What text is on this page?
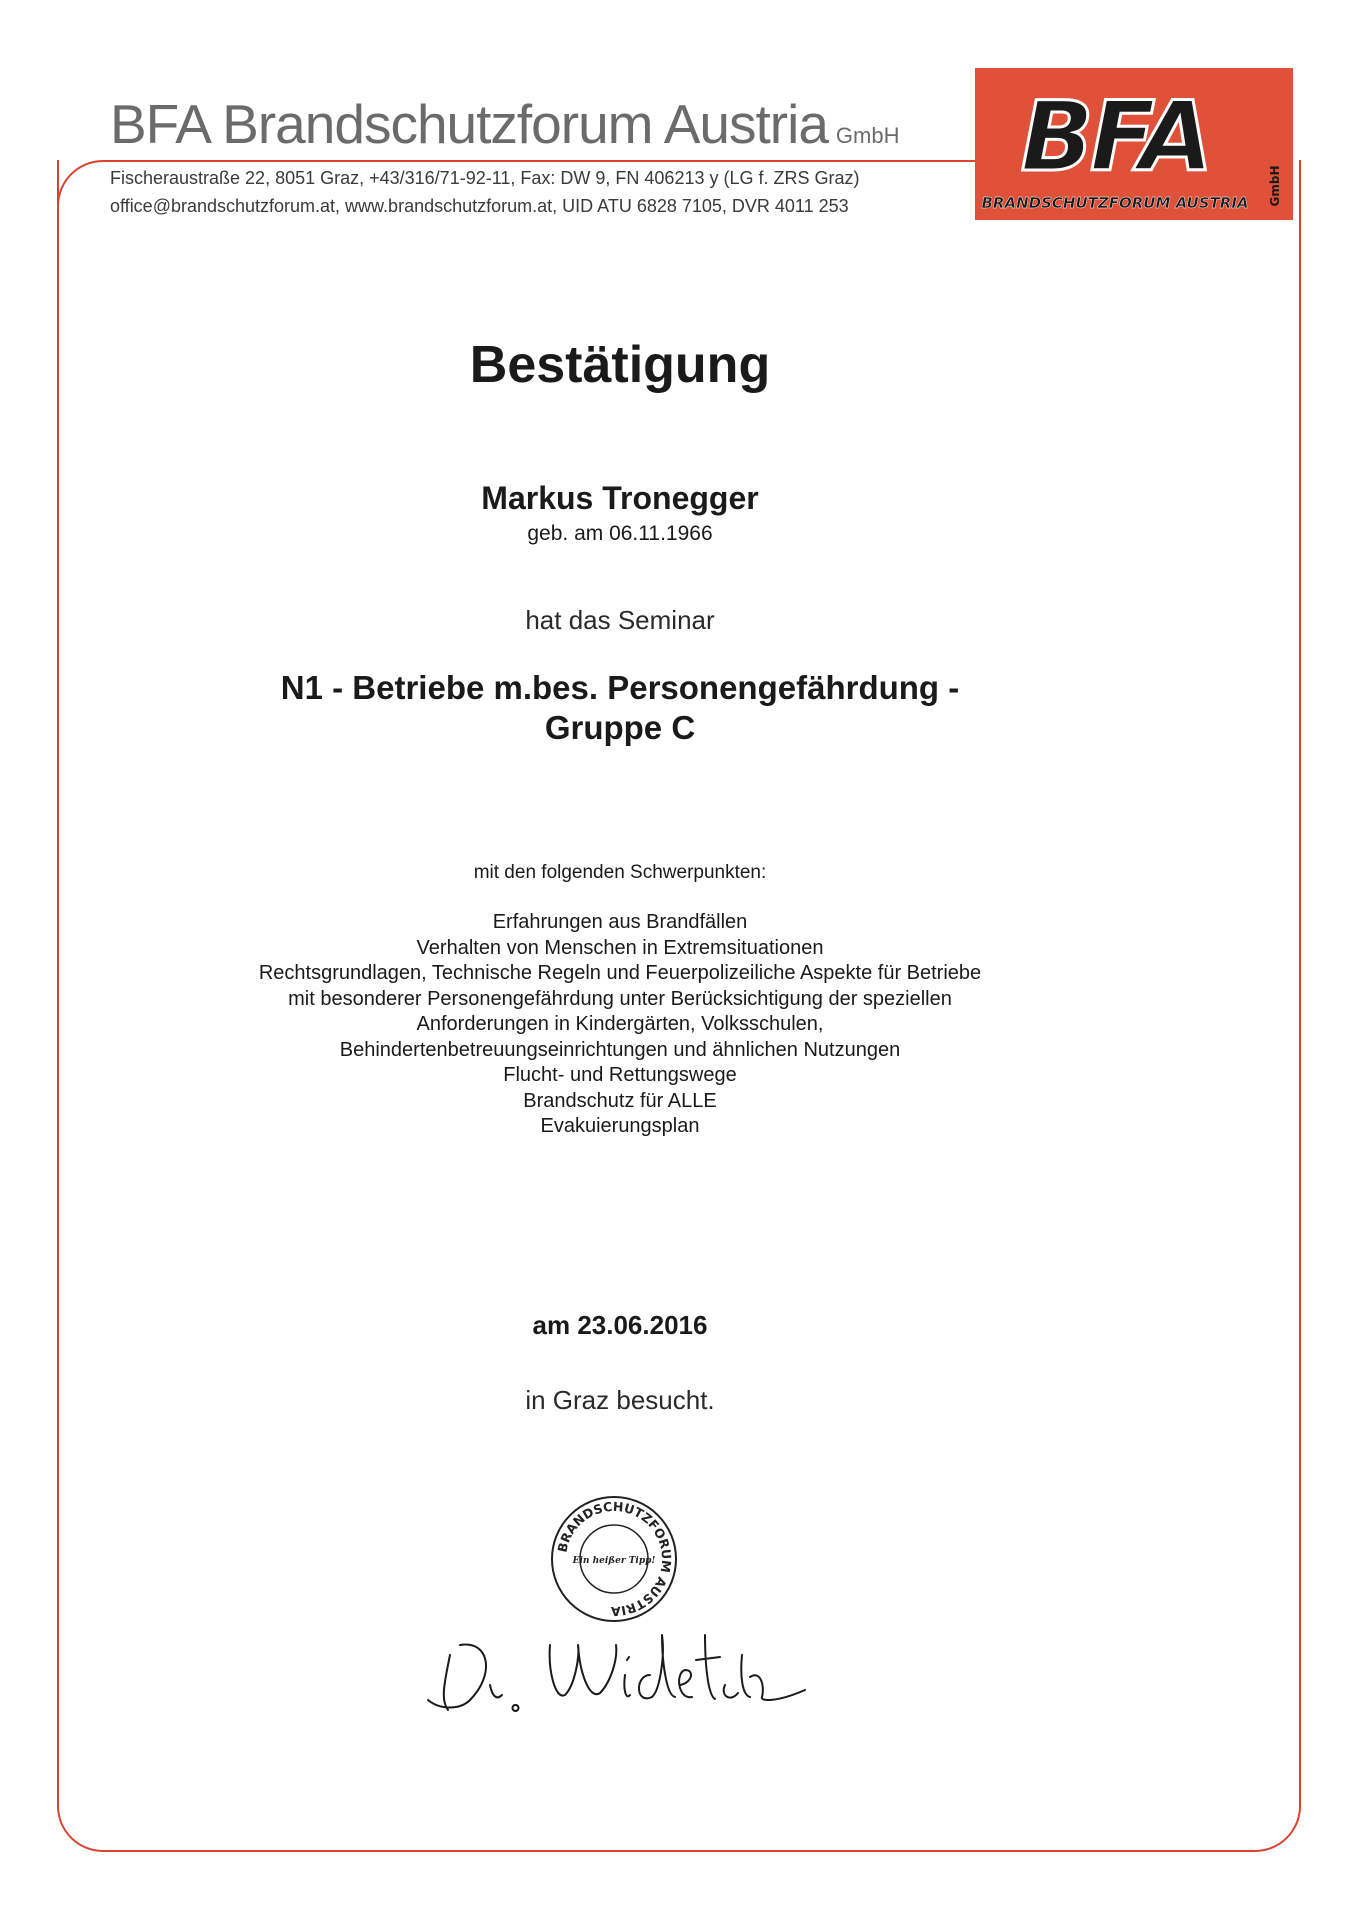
BFA Brandschutzforum Austria GmbH
Fischeraustraße 22, 8051 Graz, +43/316/71-92-11, Fax: DW 9, FN 406213 y (LG f. ZRS Graz)
office@brandschutzforum.at, www.brandschutzforum.at, UID ATU 6828 7105, DVR 4011 253
BFA
BRANDSCHUTZFORUM AUSTRIA GmbH
Bestätigung
Markus Tronegger
geb. am 06.11.1966
hat das Seminar
N1 - Betriebe m.bes. Personengefährdung -
Gruppe C
mit den folgenden Schwerpunkten:
Erfahrungen aus Brandfällen
Verhalten von Menschen in Extremsituationen
Rechtsgrundlagen, Technische Regeln und Feuerpolizeiliche Aspekte für Betriebe
mit besonderer Personengefährdung unter Berücksichtigung der speziellen
Anforderungen in Kindergärten, Volksschulen,
Behindertenbetreuungseinrichtungen und ähnlichen Nutzungen
Flucht- und Rettungswege
Brandschutz für ALLE
Evakuierungsplan
am 23.06.2016
in Graz besucht.
BRANDSCHUTZFORUM AUSTRIA
Ein heißer Tipp!
